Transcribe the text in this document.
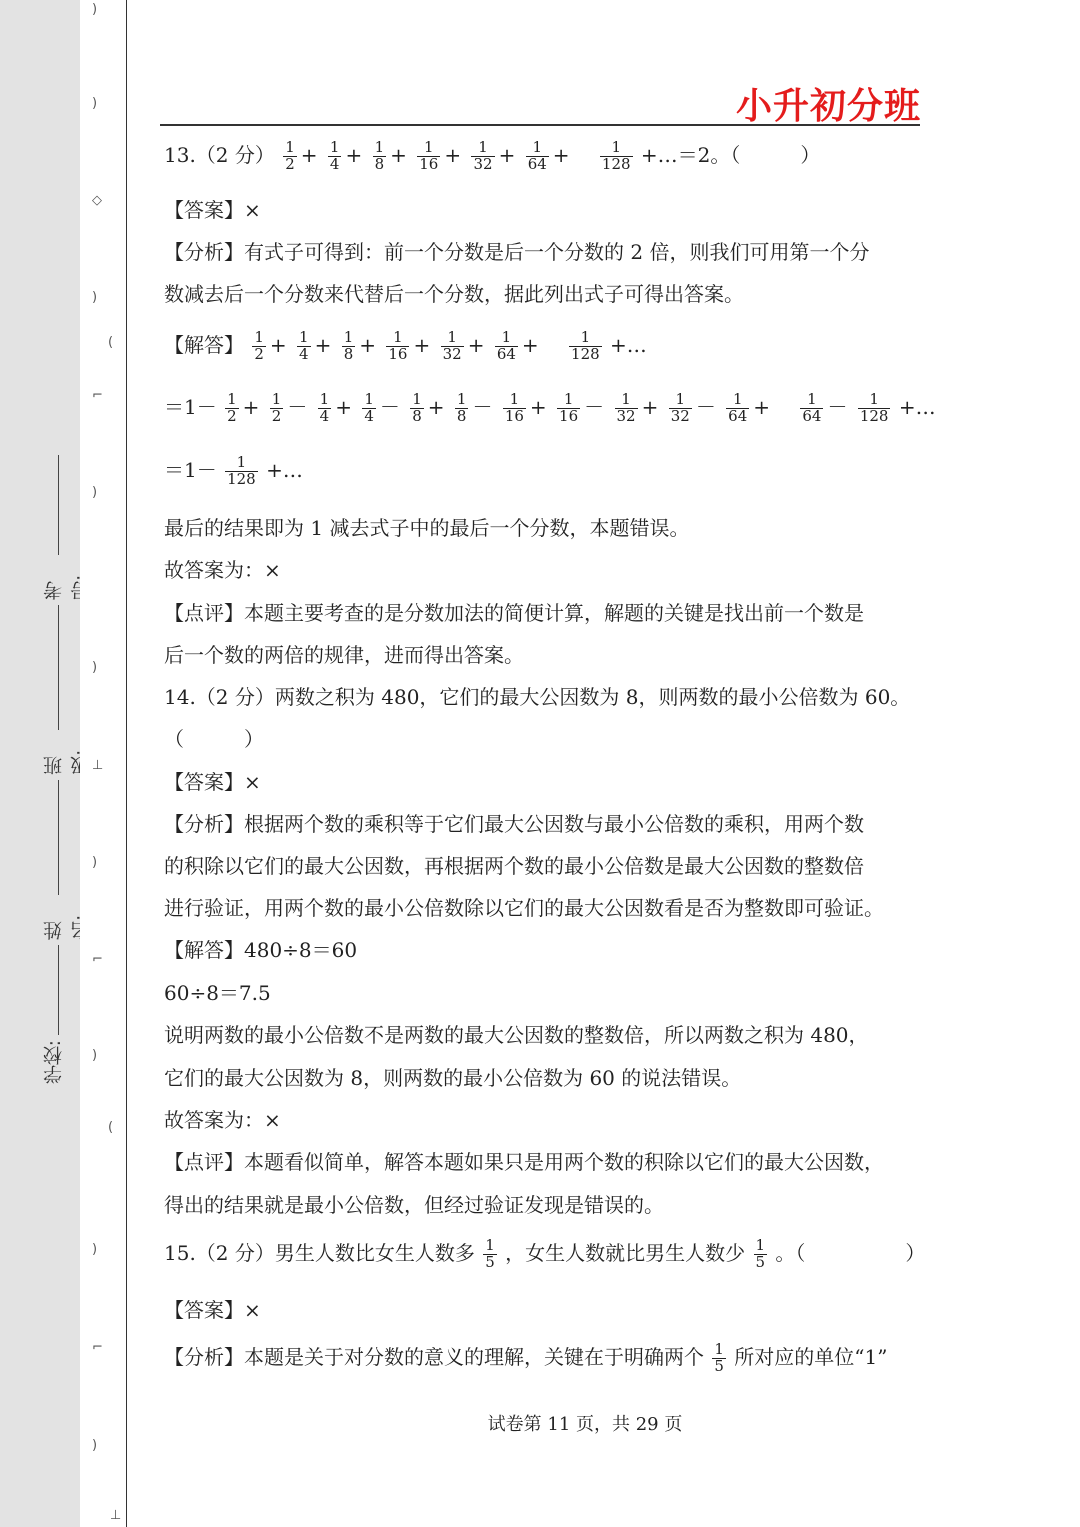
考
班
姓
学校:
)
)
◇
)
(
⌐
)
)
⊥
)
⌐
)
(
)
⌐
)
⊥
小升初分班
13.（2 分） $\frac{1}{2} + \frac{1}{4} + \frac{1}{8} + \frac{1}{16} + \frac{1}{32} + \frac{1}{64}$ +　 $\frac{1}{128}$ +…＝2。（　　　）
【答案】×
【分析】有式子可得到：前一个分数是后一个分数的 2 倍，则我们可用第一个分
数减去后一个分数来代替后一个分数，据此列出式子可得出答案。
【解答】 $\frac{1}{2} + \frac{1}{4} + \frac{1}{8} + \frac{1}{16} + \frac{1}{32} + \frac{1}{64}$ +　 $\frac{1}{128}$ +…
$=1- \frac{1}{2} + \frac{1}{2} - \frac{1}{4} + \frac{1}{4} - \frac{1}{8} + \frac{1}{8} - \frac{1}{16} + \frac{1}{16} - \frac{1}{32} + \frac{1}{32} - \frac{1}{64}$ +　 $\frac{1}{64} - \frac{1}{128}$ +…
$=1- \frac{1}{128}$ +…
最后的结果即为 1 减去式子中的最后一个分数，本题错误。
故答案为：×
【点评】本题主要考查的是分数加法的简便计算，解题的关键是找出前一个数是
后一个数的两倍的规律，进而得出答案。
14.（2 分）两数之积为 480，它们的最大公因数为 8，则两数的最小公倍数为 60。
（　　　）
【答案】×
【分析】根据两个数的乘积等于它们最大公因数与最小公倍数的乘积，用两个数
的积除以它们的最大公因数，再根据两个数的最小公倍数是最大公因数的整数倍
进行验证，用两个数的最小公倍数除以它们的最大公因数看是否为整数即可验证。
【解答】480÷8＝60
60÷8＝7.5
说明两数的最小公倍数不是两数的最大公因数的整数倍，所以两数之积为 480，
它们的最大公因数为 8，则两数的最小公倍数为 60 的说法错误。
故答案为：×
【点评】本题看似简单，解答本题如果只是用两个数的积除以它们的最大公因数，
得出的结果就是最小公倍数，但经过验证发现是错误的。
15.（2 分）男生人数比女生人数多 $\frac{1}{5}$ ，女生人数就比男生人数少 $\frac{1}{5}$ 。（　　　　　）
【答案】×
【分析】本题是关于对分数的意义的理解，关键在于明确两个 $\frac{1}{5}$ 所对应的单位“1”
试卷第 11 页，共 29 页
